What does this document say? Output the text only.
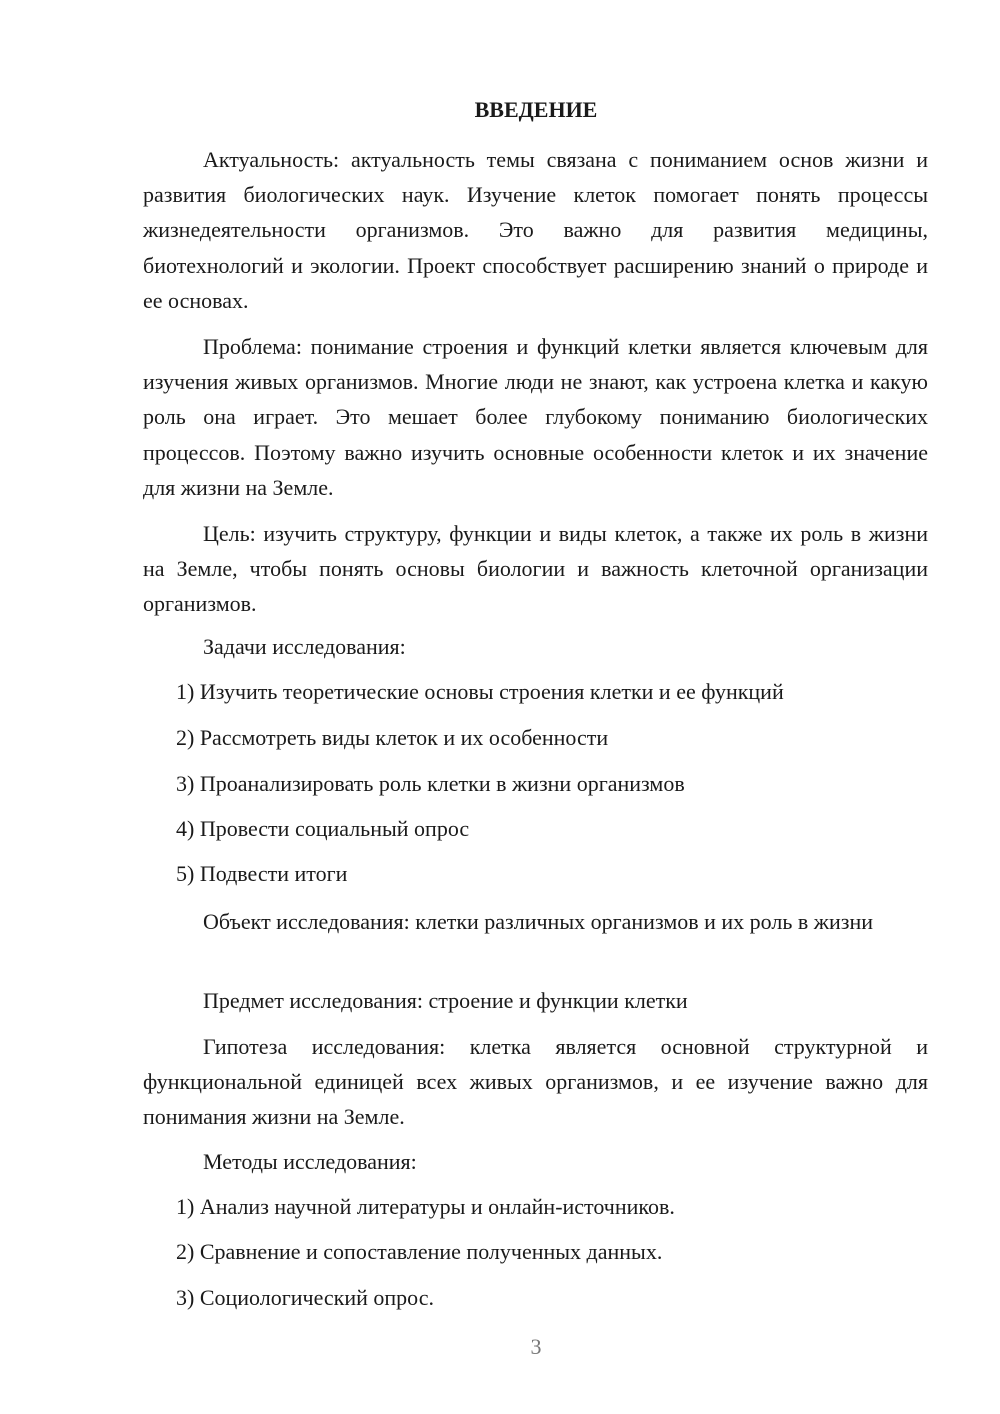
ВВЕДЕНИЕ

Актуальность: актуальность темы связана с пониманием основ жизни и развития биологических наук. Изучение клеток помогает понять процессы жизнедеятельности организмов. Это важно для развития медицины, биотехнологий и экологии. Проект способствует расширению знаний о природе и ее основах.

Проблема: понимание строения и функций клетки является ключевым для изучения живых организмов. Многие люди не знают, как устроена клетка и какую роль она играет. Это мешает более глубокому пониманию биологических процессов. Поэтому важно изучить основные особенности клеток и их значение для жизни на Земле.

Цель: изучить структуру, функции и виды клеток, а также их роль в жизни на Земле, чтобы понять основы биологии и важность клеточной организации организмов.

Задачи исследования:

1) Изучить теоретические основы строения клетки и ее функций

2) Рассмотреть виды клеток и их особенности

3) Проанализировать роль клетки в жизни организмов

4) Провести социальный опрос

5) Подвести итоги

Объект исследования: клетки различных организмов и их роль в жизни

Предмет исследования: строение и функции клетки

Гипотеза исследования: клетка является основной структурной и функциональной единицей всех живых организмов, и ее изучение важно для понимания жизни на Земле.

Методы исследования:

1) Анализ научной литературы и онлайн-источников.

2) Сравнение и сопоставление полученных данных.

3) Социологический опрос.

3
